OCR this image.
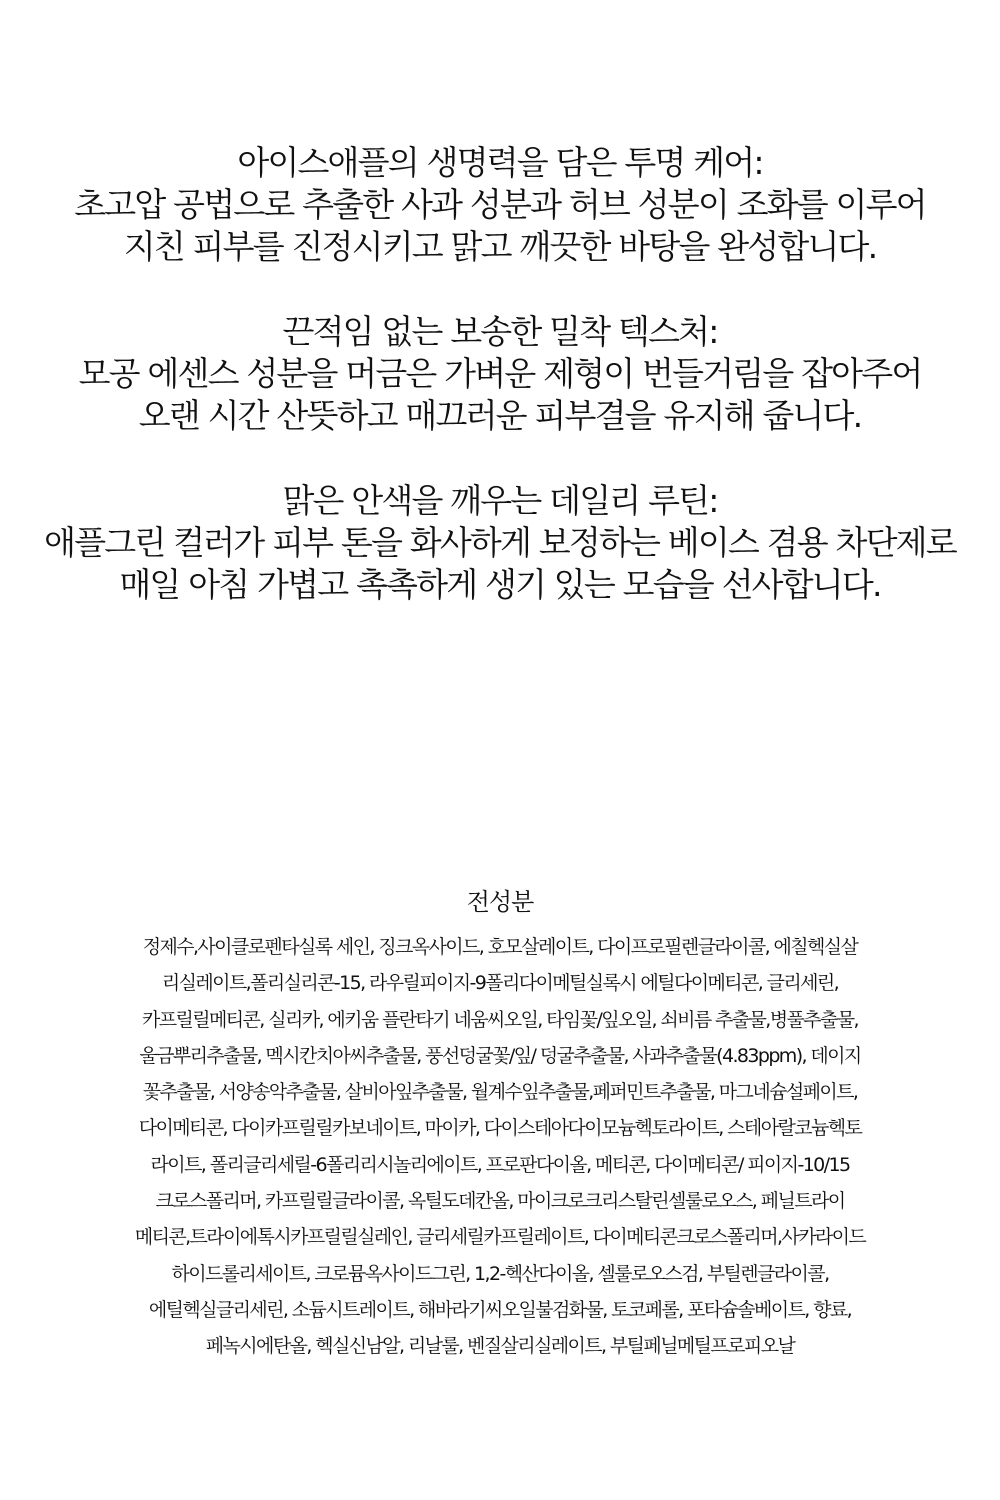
아이스애플의 생명력을 담은 투명 케어:

초고압 공법으로 추출한 사과 성분과 허브 성분이 조화를 이루어

지친 피부를 진정시키고 맑고 깨끗한 바탕을 완성합니다.

끈적임 없는 보송한 밀착 텍스처:

모공 에센스 성분을 머금은 가벼운 제형이 번들거림을 잡아주어

오랜 시간 산뜻하고 매끄러운 피부결을 유지해 줍니다.

맑은 안색을 깨우는 데일리 루틴:

애플그린 컬러가 피부 톤을 화사하게 보정하는 베이스 겸용 차단제로

매일 아침 가볍고 촉촉하게 생기 있는 모습을 선사합니다.

전성분

정제수,사이클로펜타실록 세인, 징크옥사이드, 호모살레이트, 다이프로필렌글라이콜, 에칠헥실살

리실레이트,폴리실리콘-15, 라우릴피이지-9폴리다이메틸실록시 에틸다이메티콘, 글리세린,

카프릴릴메티콘, 실리카, 에키움 플란타기 네움씨오일, 타임꽃/잎오일, 쇠비름 추출물,병풀추출물,

울금뿌리추출물, 멕시칸치아씨추출물, 풍선덩굴꽃/잎/ 덩굴추출물, 사과추출물(4.83ppm), 데이지

꽃추출물, 서양송악추출물, 살비아잎추출물, 월계수잎추출물,페퍼민트추출물, 마그네슘설페이트,

다이메티콘, 다이카프릴릴카보네이트, 마이카, 다이스테아다이모늄헥토라이트, 스테아랄코늄헥토

라이트, 폴리글리세릴-6폴리리시놀리에이트, 프로판다이올, 메티콘, 다이메티콘/ 피이지-10/15

크로스폴리머, 카프릴릴글라이콜, 옥틸도데칸올, 마이크로크리스탈린셀룰로오스, 페닐트라이

메티콘,트라이에톡시카프릴릴실레인, 글리세릴카프릴레이트, 다이메티콘크로스폴리머,사카라이드

하이드롤리세이트, 크로뮴옥사이드그린, 1,2-헥산다이올, 셀룰로오스검, 부틸렌글라이콜,

에틸헥실글리세린, 소듐시트레이트, 해바라기씨오일불검화물, 토코페롤, 포타슘솔베이트, 향료,

페녹시에탄올, 헥실신남알, 리날룰, 벤질살리실레이트, 부틸페닐메틸프로피오날
